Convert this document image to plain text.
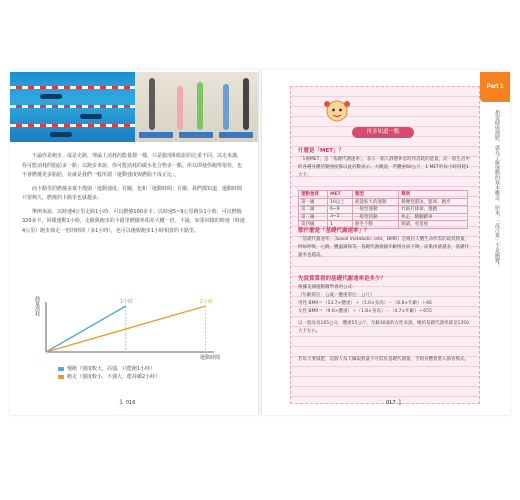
不論你是跑步，或是走路，理論上消耗的能量都一樣，只是腿部和脂肪的比重不同。以走來講，你可能消耗的脂肪多一點；以跑步來說，你可能消耗的碳水化合物多一點。所以即使你跑得很快，也不會燃燒更多脂肪，並就是我們一般所謂「運動強度與燃脂不成正比」。

而卡路里的燃燒多寡不僅與「運動強度」有關，也和「運動時間」有關。我們都知道，運動時間只要夠久，燃燒的卡路里也就越多。

舉例來說，以時速4公里走路1小時，可以燃燒100多卡；以時速5~9公里跑步1小時，可以燃燒320多卡。同樣運動1小時，走路與跑步的卡路里燃燒率相差大概一倍。不過，如果同樣的時速（時速4公里）跑步與走一倍的時間（多1小時），也可以燒與跑步1小時相當的卡路里。

熱量消耗	1小時	2小時
運動時間
慢跑（強度較大、高強，只能跑1小時）
跑走（強度較小、不強大，能持續2小時）
🏃 016
Part 1
想要健康減肥，就先了解運動的基本概念，原來，「流汗量」不是關鍵！
再多知道一點
什麼是「MET」？
「1個MET」是「基礎代謝速率」，表示一個人靜態休息時所消耗的能量，而一般生活中的各種身體活動強度都以此倍數表示。大概說，若體重60公斤，1 MET約每小時消耗1大卡。
運動強度	MET	類型	舉例
第一級	10以上	耗能較大的運動	競賽型游泳、籃球、跑步
第二級	6~9	一般型運動	社區打排球、慢跑
第三級	3~5	一般型活動	快走、騎腳踏車
第四級	1	静坐不動	閱讀、看電視
都什麼是「基礎代謝速率」？
「基礎代謝速率」（basal metabolic rate，BMR）是維持人體生命所需的最低熱量，例如呼吸、心跳、體溫調節等。基礎代謝會隨年齡增長而下降，而肌肉量越多，基礎代謝率也越高。
先說算算看的基礎代謝速率是多少？
根據美國運動醫學會的公式：
（年齡單位：公歲／體重單位：公斤）
男性 BMR＝（13.7×體重）＋（5.0×身高）－（6.8×年齡）＋66
女性 BMR＝（9.6×體重）＋（1.8×身高）－（4.7×年齡）＋655
以一個身高165公分，體重55公斤、年齡30歲的女性來說，她的基礎代謝率就是1350大卡左右。
若每天要減肥，這個人每天攝取熱量不可低於基礎代謝量，否則身體會進入節省模式。
017 🚶
